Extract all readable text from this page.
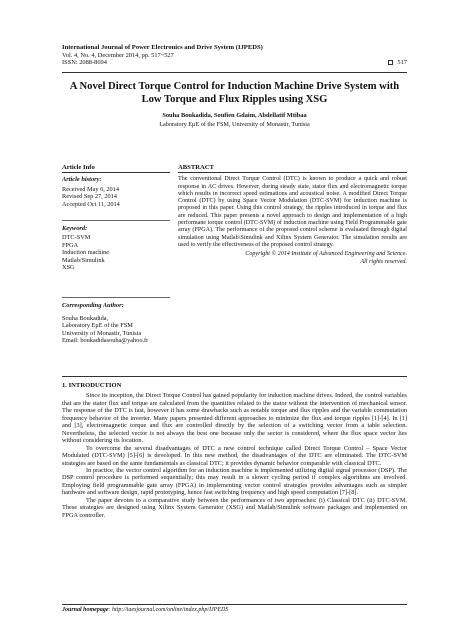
International Journal of Power Electronics and Drive System (IJPEDS)
Vol. 4, No. 4, December 2014, pp. 517~527
ISSN: 2088-8694	517
A Novel Direct Torque Control for Induction Machine Drive System with Low Torque and Flux Ripples using XSG
Souha Boukadida, Soufien Gdaim, Abdellatif Mtibaa
Laboratory EμE of the FSM, University of Monastir, Tunisia
Article Info
Article history:
Received May 6, 2014
Revised Sep 27, 2014
Accepted Oct 11, 2014
Keyword:
DTC-SVM
FPGA
Induction machine
Matlab/Simulink
XSG
Corresponding Author:
Souha Boukadida,
Laboratory EμE of the FSM
University of Monastir, Tunisia
Email: boukadidasouha@yahoo.fr
ABSTRACT
The conventional Direct Torque Control (DTC) is known to produce a quick and robust response in AC drives. However, during steady state, stator flux and electromagnetic torque which results in incorrect speed estimations and acoustical noise. A modified Direct Torque Control (DTC) by using Space Vector Modulation (DTC-SVM) for induction machine is proposed in this paper. Using this control strategy, the ripples introduced in torque and flux are reduced. This paper presents a novel approach to design and implementation of a high performane torque control (DTC-SVM) of induction machine using Field Programmable gate array (FPGA). The performance of the proposed control scheme is evaluated through digital simulation using Matlab\Simulink and Xilinx System Generator. The simulation results are used to verify the effectiveness of the proposed control strategy.
Copyright © 2014 Institute of Advanced Engineering and Science.
All rights reserved.
1. INTRODUCTION

Since its inception, the Direct Torque Control has gained popularity for induction machine drives. Indeed, the control variables that are the stator flux and torque are calculated from the quantities related to the stator without the intervention of mechanical sensor. The response of the DTC is fast, however it has some drawbacks such as notable torque and flux ripples and the variable commutation frequency behavior of the inverter. Many papers presented different approaches to minimize the flux and torque ripples [1]-[4]. In [1] and [3], electromagnetic torque and flux are controlled directly by the selection of a switching vector from a table selection. Nevertheless, the selected vector is not always the best one because only the sector is considered, where the flux space vector lies without considering its location.

To overcome the several disadvantages of DTC a new control technique called Direct Torque Control – Space Vector Modulated (DTC-SVM) [5]-[6] is developed. In this new method, the disadvantages of the DTC are eliminated. The DTC-SVM strategies are based on the same fundamentals as classical DTC; it provides dynamic behavior comparable with classical DTC.

In practice, the vector control algorithm for an induction machine is implemented utilizing digital signal processor (DSP). The DSP control procedure is performed sequentially; this may result in a slower cycling period if complex algorithms are involved. Employing field programmable gate array (FPGA) in implementing vector control strategies provides advantages such as simpler hardware and software design, rapid prototyping, hence fast switching frequency and high speed computation [7]-[8].

The paper devotes to a comparative study between the performances of two approaches: (i) Classical DTC (ii) DTC-SVM. These strategies are designed using Xilinx System Generator (XSG) and Matlab/Simulink software packages and implemented on FPGA controller.

Journal homepage: http://iaesjournal.com/online/index.php/IJPEDS
